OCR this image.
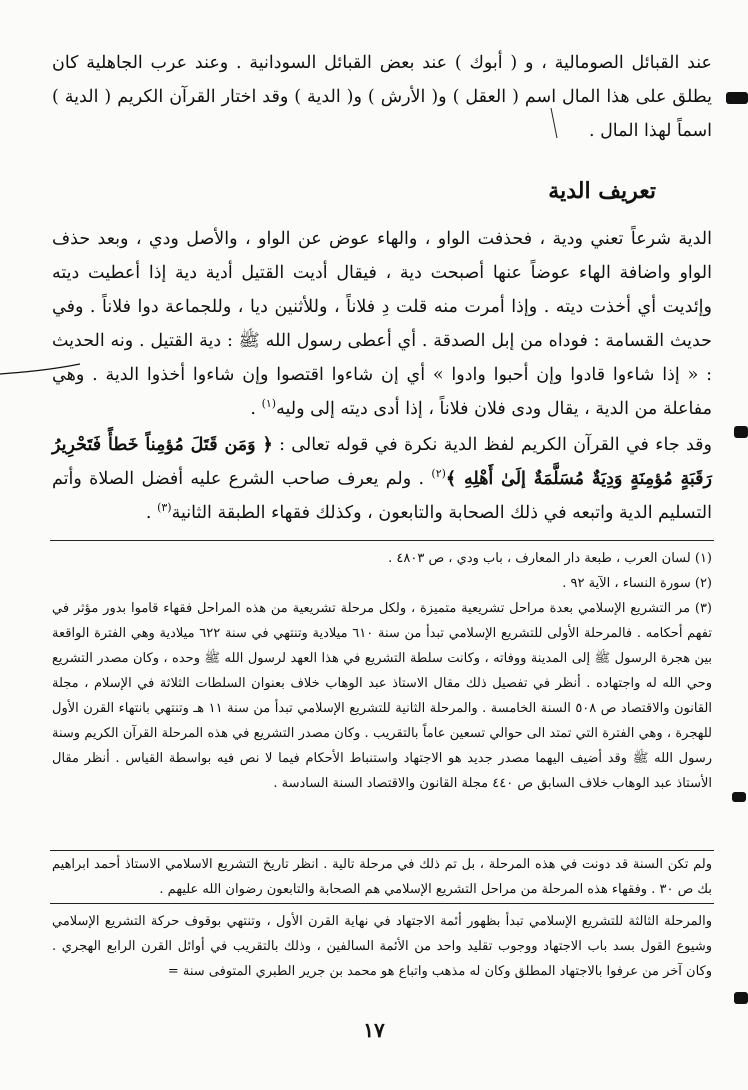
عند القبائل الصومالية ، و ( أبوك ) عند بعض القبائل السودانية . وعند عرب الجاهلية كان يطلق على هذا المال اسم ( العقل ) و( الأرش ) و( الدية ) وقد اختار القرآن الكريم ( الدية ) اسماً لهذا المال .

تعريف الدية

الدية شرعاً تعني ودية ، فحذفت الواو ، والهاء عوض عن الواو ، والأصل ودي ، وبعد حذف الواو واضافة الهاء عوضاً عنها أصبحت دية ، فيقال أديت القتيل أدية دية إذا أعطيت ديته وإئديت أي أخذت ديته . وإذا أمرت منه قلت دِ فلاناً ، وللأثنين ديا ، وللجماعة دوا فلاناً . وفي حديث القسامة : فوداه من إبل الصدقة . أي أعطى رسول الله ﷺ : دية القتيل . ونه الحديث : « إذا شاءوا قادوا وإن أحبوا وادوا » أي إن شاءوا اقتصوا وإن شاءوا أخذوا الدية . وهي مفاعلة من الدية ، يقال ودى فلان فلاناً ، إذا أدى ديته إلى وليه$^{(١)}$ .

وقد جاء في القرآن الكريم لفظ الدية نكرة في قوله تعالى : ﴿ وَمَن قَتَلَ مُؤمِناً خَطأً فَتَحْرِيرُ رَقَبَةٍ مُؤمِنَةٍ وَدِيَةٌ مُسَلَّمَةٌ إلَىٰ أَهْلِهِ ﴾$^{(٢)}$ . ولم يعرف صاحب الشرع عليه أفضل الصلاة وأتم التسليم الدية واتبعه في ذلك الصحابة والتابعون ، وكذلك فقهاء الطبقة الثانية$^{(٣)}$ .

(١) لسان العرب ، طبعة دار المعارف ، باب ودي ، ص ٤٨٠٣ .

(٢) سورة النساء ، الآية ٩٢ .

(٣) مر التشريع الإسلامي بعدة مراحل تشريعية متميزة ، ولكل مرحلة تشريعية من هذه المراحل فقهاء قاموا بدور مؤثر في تفهم أحكامه . فالمرحلة الأولى للتشريع الإسلامي تبدأ من سنة ٦١٠ ميلادية وتنتهي في سنة ٦٢٢ ميلادية وهي الفترة الواقعة بين هجرة الرسول ﷺ إلى المدينة ووفاته ، وكانت سلطة التشريع في هذا العهد لرسول الله ﷺ وحده ، وكان مصدر التشريع وحي الله له واجتهاده . أنظر في تفصيل ذلك مقال الاستاذ عبد الوهاب خلاف بعنوان السلطات الثلاثة في الإسلام ، مجلة القانون والاقتصاد ص ٥٠٨ السنة الخامسة . والمرحلة الثانية للتشريع الإسلامي تبدأ من سنة ١١ هـ وتنتهي بانتهاء القرن الأول للهجرة ، وهي الفترة التي تمتد الى حوالي تسعين عاماً بالتقريب . وكان مصدر التشريع في هذه المرحلة القرآن الكريم وسنة رسول الله ﷺ وقد أضيف اليهما مصدر جديد هو الاجتهاد واستنباط الأحكام فيما لا نص فيه بواسطة القياس . أنظر مقال الأستاذ عبد الوهاب خلاف السابق ص ٤٤٠ مجلة القانون والاقتصاد السنة السادسة .

ولم تكن السنة قد دونت في هذه المرحلة ، بل تم ذلك في مرحلة تالية . انظر تاريخ التشريع الاسلامي الاستاذ أحمد ابراهيم بك ص ٣٠ . وفقهاء هذه المرحلة من مراحل التشريع الإسلامي هم الصحابة والتابعون رضوان الله عليهم .

والمرحلة الثالثة للتشريع الإسلامي تبدأ بظهور أئمة الاجتهاد في نهاية القرن الأول ، وتنتهي بوقوف حركة التشريع الإسلامي وشيوع القول بسد باب الاجتهاد ووجوب تقليد واحد من الأئمة السالفين ، وذلك بالتقريب في أوائل القرن الرابع الهجري . وكان آخر من عرفوا بالاجتهاد المطلق وكان له مذهب واتباع هو محمد بن جرير الطبري المتوفى سنة =

١٧
